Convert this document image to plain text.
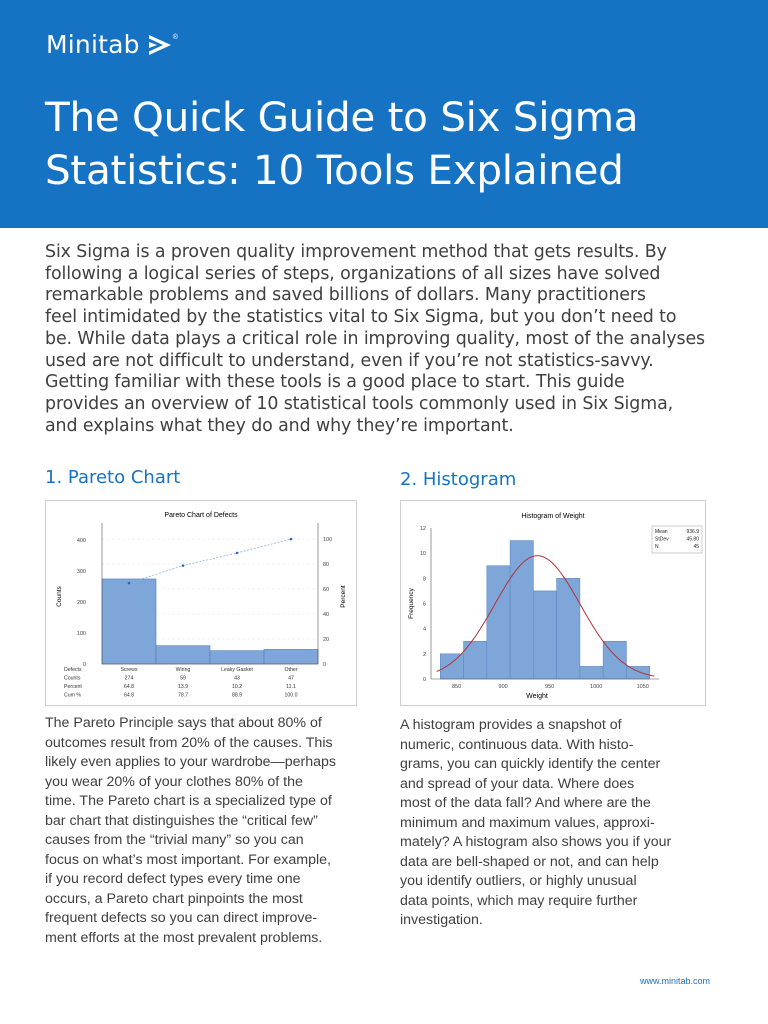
Minitab	®
The Quick Guide to Six Sigma
Statistics: 10 Tools Explained

Six Sigma is a proven quality improvement method that gets results. By
following a logical series of steps, organizations of all sizes have solved
remarkable problems and saved billions of dollars. Many practitioners
feel intimidated by the statistics vital to Six Sigma, but you don’t need to
be. While data plays a critical role in improving quality, most of the analyses
used are not difficult to understand, even if you’re not statistics-savvy.
Getting familiar with these tools is a good place to start. This guide
provides an overview of 10 statistical tools commonly used in Six Sigma,
and explains what they do and why they’re important.

1. Pareto Chart	2. Histogram
Pareto Chart of Defects
0
20
40
60
80
100
0
100
200
300
400
Counts	Percent
Defects	Screws	Wiring	Leaky Gasket	Other
Counts	274	59	43	47
Percent	64.8	13.9	10.2	11.1
Cum %	64.8	78.7	88.9	100.0
Histogram of Weight
0
2
4
6
8
10
12
850	900	950	1000	1050
Weight
Frequency
Mean	936.9
StDev	45.80
N	45

The Pareto Principle says that about 80% of
outcomes result from 20% of the causes. This
likely even applies to your wardrobe—perhaps
you wear 20% of your clothes 80% of the
time. The Pareto chart is a specialized type of
bar chart that distinguishes the “critical few”
causes from the “trivial many” so you can
focus on what’s most important. For example,
if you record defect types every time one
occurs, a Pareto chart pinpoints the most
frequent defects so you can direct improve-
ment efforts at the most prevalent problems.

A histogram provides a snapshot of
numeric, continuous data. With histo-
grams, you can quickly identify the center
and spread of your data. Where does
most of the data fall? And where are the
minimum and maximum values, approxi-
mately? A histogram also shows you if your
data are bell-shaped or not, and can help
you identify outliers, or highly unusual
data points, which may require further
investigation.

www.minitab.com
